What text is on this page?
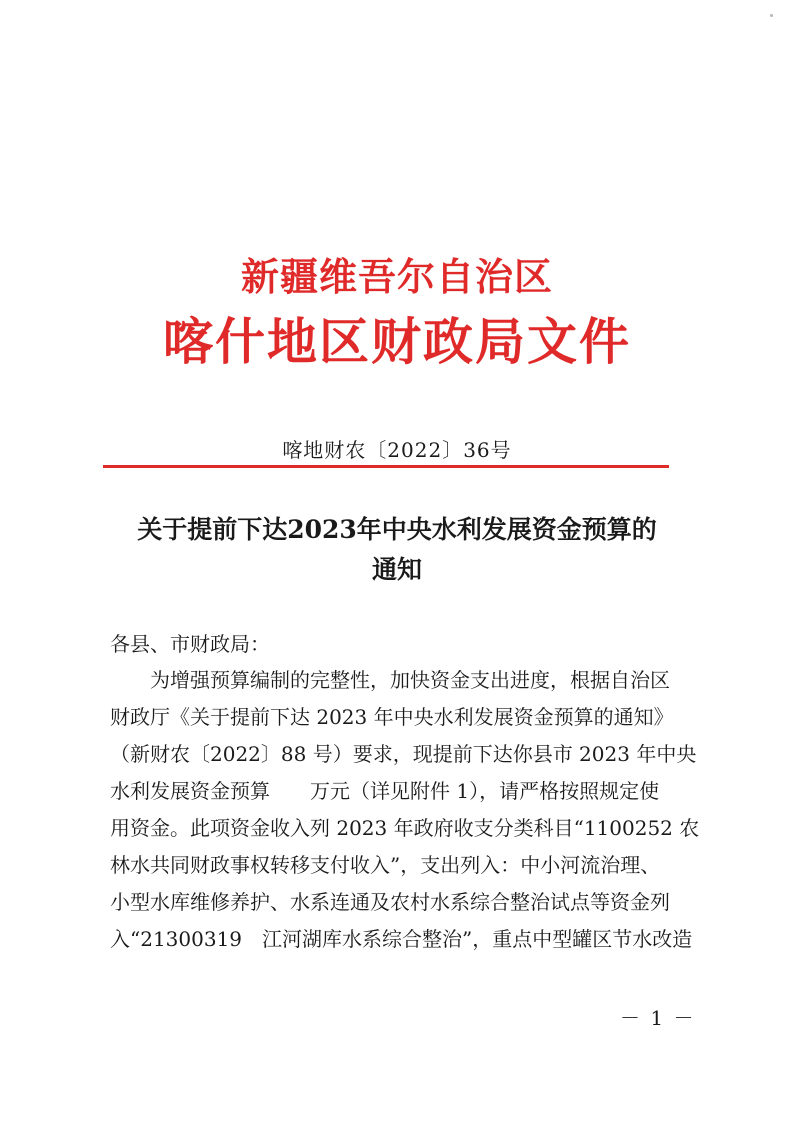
新疆维吾尔自治区
喀什地区财政局文件
喀地财农〔2022〕36号
关于提前下达2023年中央水利发展资金预算的
通知
各县、市财政局：
　　为增强预算编制的完整性，加快资金支出进度，根据自治区
财政厅《关于提前下达 2023 年中央水利发展资金预算的通知》
（新财农〔2022〕88 号）要求，现提前下达你县市 2023 年中央
水利发展资金预算　　万元（详见附件 1），请严格按照规定使
用资金。此项资金收入列 2023 年政府收支分类科目“1100252 农
林水共同财政事权转移支付收入”，支出列入：中小河流治理、
小型水库维修养护、水系连通及农村水系综合整治试点等资金列
入“21300319　江河湖库水系综合整治”，重点中型罐区节水改造
－ 1 －
